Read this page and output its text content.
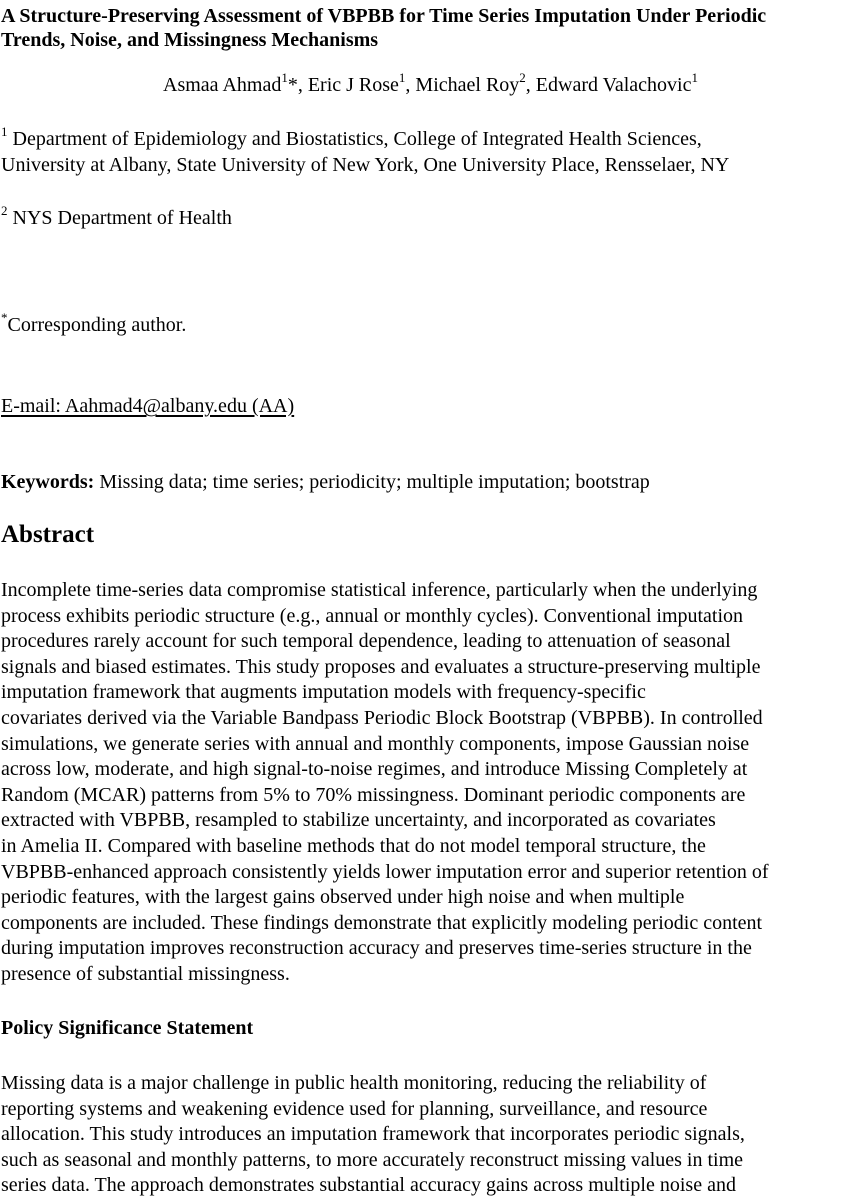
A Structure-Preserving Assessment of VBPBB for Time Series Imputation Under Periodic
Trends, Noise, and Missingness Mechanisms

Asmaa Ahmad$^1$*, Eric J Rose$^1$, Michael Roy$^2$, Edward Valachovic$^1$

$^1$ Department of Epidemiology and Biostatistics, College of Integrated Health Sciences,
University at Albany, State University of New York, One University Place, Rensselaer, NY

$^2$ NYS Department of Health

*Corresponding author.

E-mail: Aahmad4@albany.edu (AA)

Keywords: Missing data; time series; periodicity; multiple imputation; bootstrap

Abstract

Incomplete time-series data compromise statistical inference, particularly when the underlying
process exhibits periodic structure (e.g., annual or monthly cycles). Conventional imputation
procedures rarely account for such temporal dependence, leading to attenuation of seasonal
signals and biased estimates. This study proposes and evaluates a structure-preserving multiple
imputation framework that augments imputation models with frequency-specific
covariates derived via the Variable Bandpass Periodic Block Bootstrap (VBPBB). In controlled
simulations, we generate series with annual and monthly components, impose Gaussian noise
across low, moderate, and high signal-to-noise regimes, and introduce Missing Completely at
Random (MCAR) patterns from 5% to 70% missingness. Dominant periodic components are
extracted with VBPBB, resampled to stabilize uncertainty, and incorporated as covariates
in Amelia II. Compared with baseline methods that do not model temporal structure, the
VBPBB-enhanced approach consistently yields lower imputation error and superior retention of
periodic features, with the largest gains observed under high noise and when multiple
components are included. These findings demonstrate that explicitly modeling periodic content
during imputation improves reconstruction accuracy and preserves time-series structure in the
presence of substantial missingness.

Policy Significance Statement

Missing data is a major challenge in public health monitoring, reducing the reliability of
reporting systems and weakening evidence used for planning, surveillance, and resource
allocation. This study introduces an imputation framework that incorporates periodic signals,
such as seasonal and monthly patterns, to more accurately reconstruct missing values in time
series data. The approach demonstrates substantial accuracy gains across multiple noise and
